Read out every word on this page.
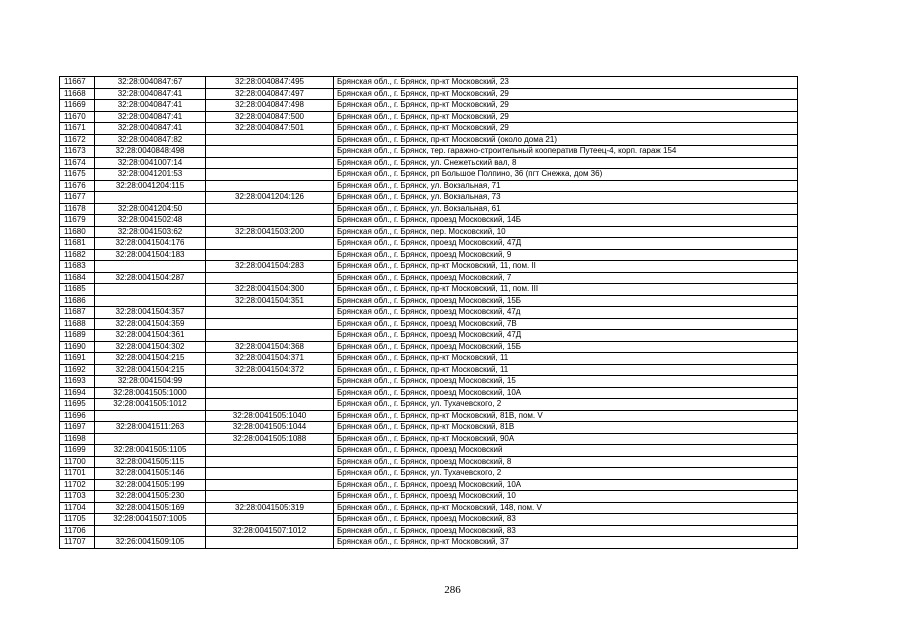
11667	32:28:0040847:67	32:28:0040847:495	Брянская обл., г. Брянск, пр-кт Московский, 23
11668	32:28:0040847:41	32:28:0040847:497	Брянская обл., г. Брянск, пр-кт Московский, 29
11669	32:28:0040847:41	32:28:0040847:498	Брянская обл., г. Брянск, пр-кт Московский, 29
11670	32:28:0040847:41	32:28:0040847:500	Брянская обл., г. Брянск, пр-кт Московский, 29
11671	32:28:0040847:41	32:28:0040847:501	Брянская обл., г. Брянск, пр-кт Московский, 29
11672	32:28:0040847:82		Брянская обл., г. Брянск, пр-кт Московский (около дома 21)
11673	32:28:0040848:498		Брянская обл., г. Брянск, тер. гаражно-строительный кооператив Путеец-4, корп. гараж 154
11674	32:28:0041007:14		Брянская обл., г. Брянск, ул. Снежетьский вал, 8
11675	32:28:0041201:53		Брянская обл., г. Брянск, рп Большое Полпино, 36 (пгт Снежка, дом 36)
11676	32:28:0041204:115		Брянская обл., г. Брянск, ул. Вокзальная, 71
11677		32:28:0041204:126	Брянская обл., г. Брянск, ул. Вокзальная, 73
11678	32:28:0041204:50		Брянская обл., г. Брянск, ул. Вокзальная, 61
11679	32:28:0041502:48		Брянская обл., г. Брянск, проезд Московский, 14Б
11680	32:28:0041503:62	32:28:0041503:200	Брянская обл., г. Брянск, пер. Московский, 10
11681	32:28:0041504:176		Брянская обл., г. Брянск, проезд Московский, 47Д
11682	32:28:0041504:183		Брянская обл., г. Брянск, проезд Московский, 9
11683		32:28:0041504:283	Брянская обл., г. Брянск, пр-кт Московский, 11, пом. II
11684	32:28:0041504:287		Брянская обл., г. Брянск, проезд Московский, 7
11685		32:28:0041504:300	Брянская обл., г. Брянск, пр-кт Московский, 11, пом. III
11686		32:28:0041504:351	Брянская обл., г. Брянск, проезд Московский, 15Б
11687	32:28:0041504:357		Брянская обл., г. Брянск, проезд Московский, 47д
11688	32:28:0041504:359		Брянская обл., г. Брянск, проезд Московский, 7В
11689	32:28:0041504:361		Брянская обл., г. Брянск, проезд Московский, 47Д
11690	32:28:0041504:302	32:28:0041504:368	Брянская обл., г. Брянск, проезд Московский, 15Б
11691	32:28:0041504:215	32:28:0041504:371	Брянская обл., г. Брянск, пр-кт Московский, 11
11692	32:28:0041504:215	32:28:0041504:372	Брянская обл., г. Брянск, пр-кт Московский, 11
11693	32:28:0041504:99		Брянская обл., г. Брянск, проезд Московский, 15
11694	32:28:0041505:1000		Брянская обл., г. Брянск, проезд Московский, 10А
11695	32:28:0041505:1012		Брянская обл., г. Брянск, ул. Тухачевского, 2
11696		32:28:0041505:1040	Брянская обл., г. Брянск, пр-кт Московский, 81В, пом. V
11697	32:28:0041511:263	32:28:0041505:1044	Брянская обл., г. Брянск, пр-кт Московский, 81В
11698		32:28:0041505:1088	Брянская обл., г. Брянск, пр-кт Московский, 90А
11699	32:28:0041505:1105		Брянская обл., г. Брянск, проезд Московский
11700	32:28:0041505:115		Брянская обл., г. Брянск, проезд Московский, 8
11701	32:28:0041505:146		Брянская обл., г. Брянск, ул. Тухачевского, 2
11702	32:28:0041505:199		Брянская обл., г. Брянск, проезд Московский, 10А
11703	32:28:0041505:230		Брянская обл., г. Брянск, проезд Московский, 10
11704	32:28:0041505:169	32:28:0041505:319	Брянская обл., г. Брянск, пр-кт Московский, 148, пом. V
11705	32:28:0041507:1005		Брянская обл., г. Брянск, проезд Московский, 83
11706		32:28:0041507:1012	Брянская обл., г. Брянск, проезд Московский, 83
11707	32:26:0041509:105		Брянская обл., г. Брянск, пр-кт Московский, 37
286
